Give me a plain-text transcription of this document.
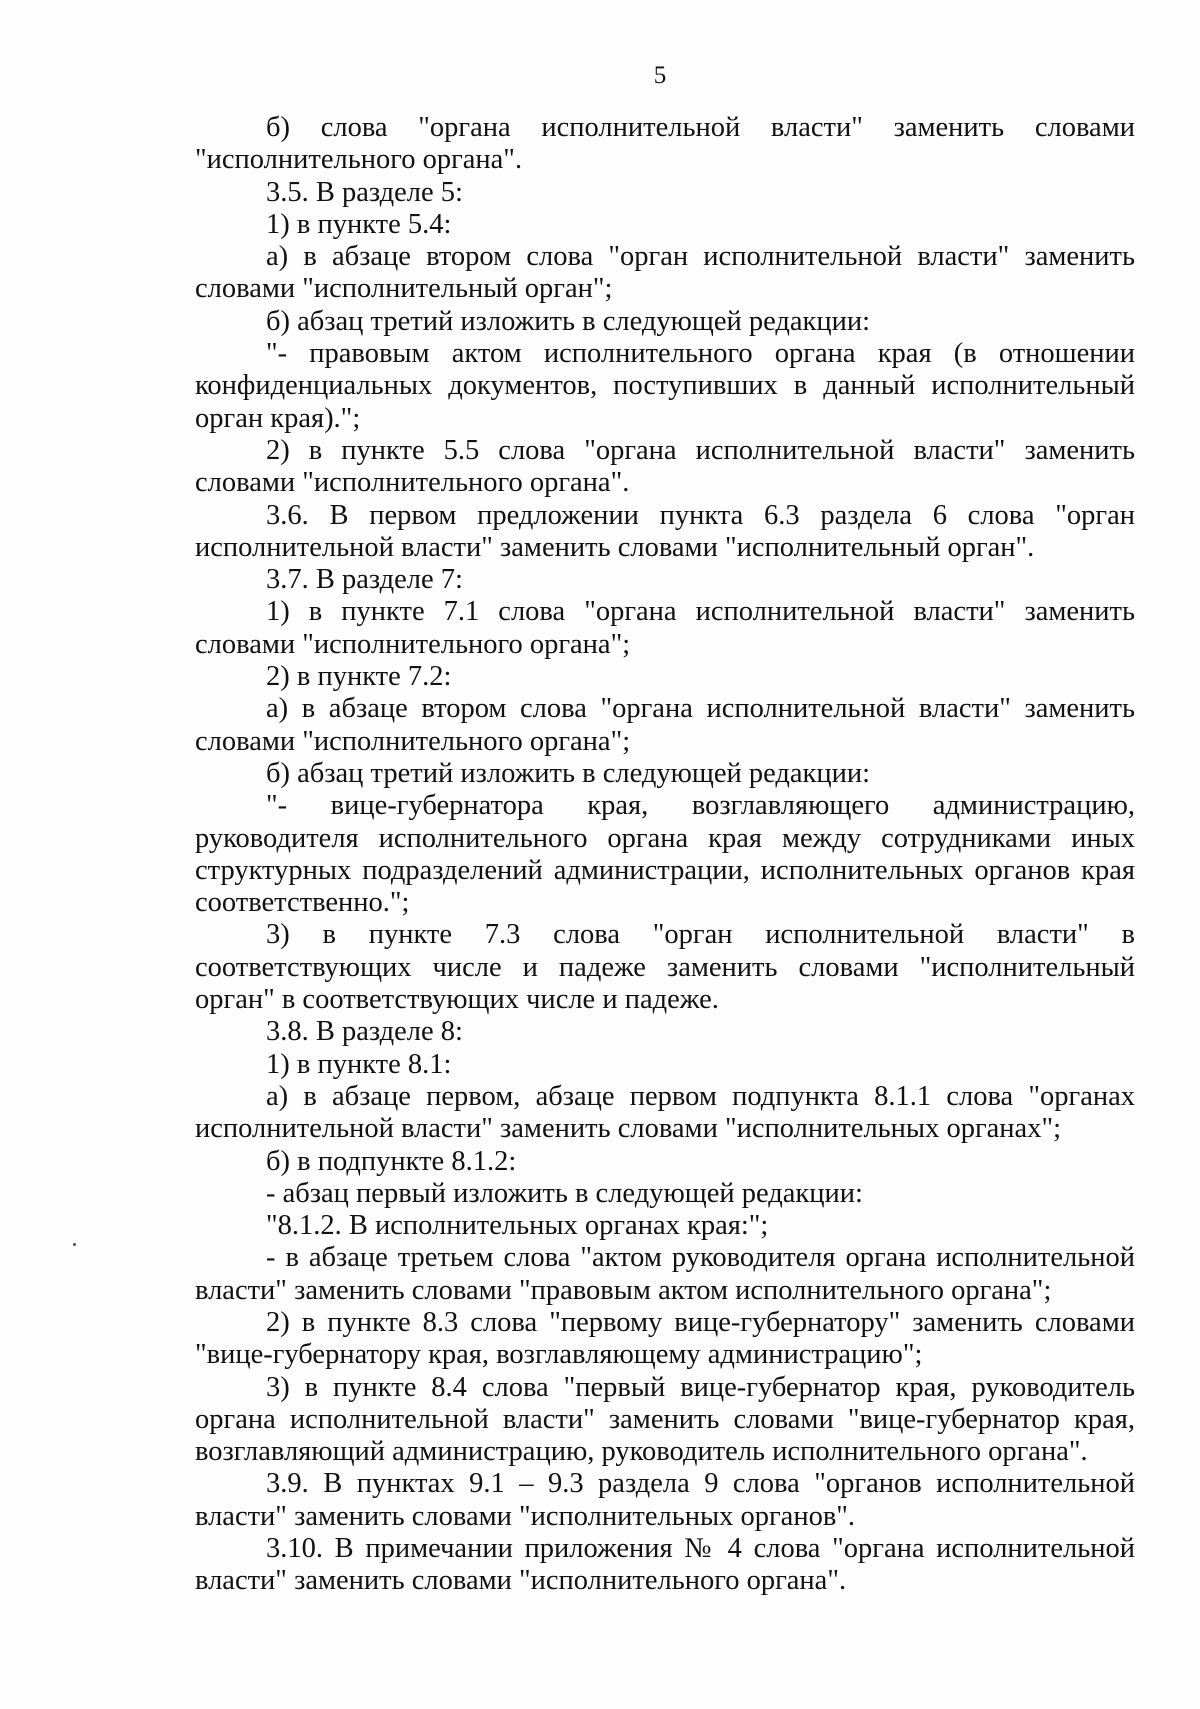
5

б) слова "органа исполнительной власти" заменить словами "исполнительного органа".

3.5. В разделе 5:

1) в пункте 5.4:

а) в абзаце втором слова "орган исполнительной власти" заменить словами "исполнительный орган";

б) абзац третий изложить в следующей редакции:

"- правовым актом исполнительного органа края (в отношении конфиденциальных документов, поступивших в данный исполнительный орган края).";

2) в пункте 5.5 слова "органа исполнительной власти" заменить словами "исполнительного органа".

3.6. В первом предложении пункта 6.3 раздела 6 слова "орган исполнительной власти" заменить словами "исполнительный орган".

3.7. В разделе 7:

1) в пункте 7.1 слова "органа исполнительной власти" заменить словами "исполнительного органа";

2) в пункте 7.2:

а) в абзаце втором слова "органа исполнительной власти" заменить словами "исполнительного органа";

б) абзац третий изложить в следующей редакции:

"- вице-губернатора края, возглавляющего администрацию, руководителя исполнительного органа края между сотрудниками иных структурных подразделений администрации, исполнительных органов края соответственно.";

3) в пункте 7.3 слова "орган исполнительной власти" в соответствующих числе и падеже заменить словами "исполнительный орган" в соответствующих числе и падеже.

3.8. В разделе 8:

1) в пункте 8.1:

а) в абзаце первом, абзаце первом подпункта 8.1.1 слова "органах исполнительной власти" заменить словами "исполнительных органах";

б) в подпункте 8.1.2:

- абзац первый изложить в следующей редакции:

"8.1.2. В исполнительных органах края:";

- в абзаце третьем слова "актом руководителя органа исполнительной власти" заменить словами "правовым актом исполнительного органа";

2) в пункте 8.3 слова "первому вице-губернатору" заменить словами "вице-губернатору края, возглавляющему администрацию";

3) в пункте 8.4 слова "первый вице-губернатор края, руководитель органа исполнительной власти" заменить словами "вице-губернатор края, возглавляющий администрацию, руководитель исполнительного органа".

3.9. В пунктах 9.1 – 9.3 раздела 9 слова "органов исполнительной власти" заменить словами "исполнительных органов".

3.10. В примечании приложения № 4 слова "органа исполнительной власти" заменить словами "исполнительного органа".
